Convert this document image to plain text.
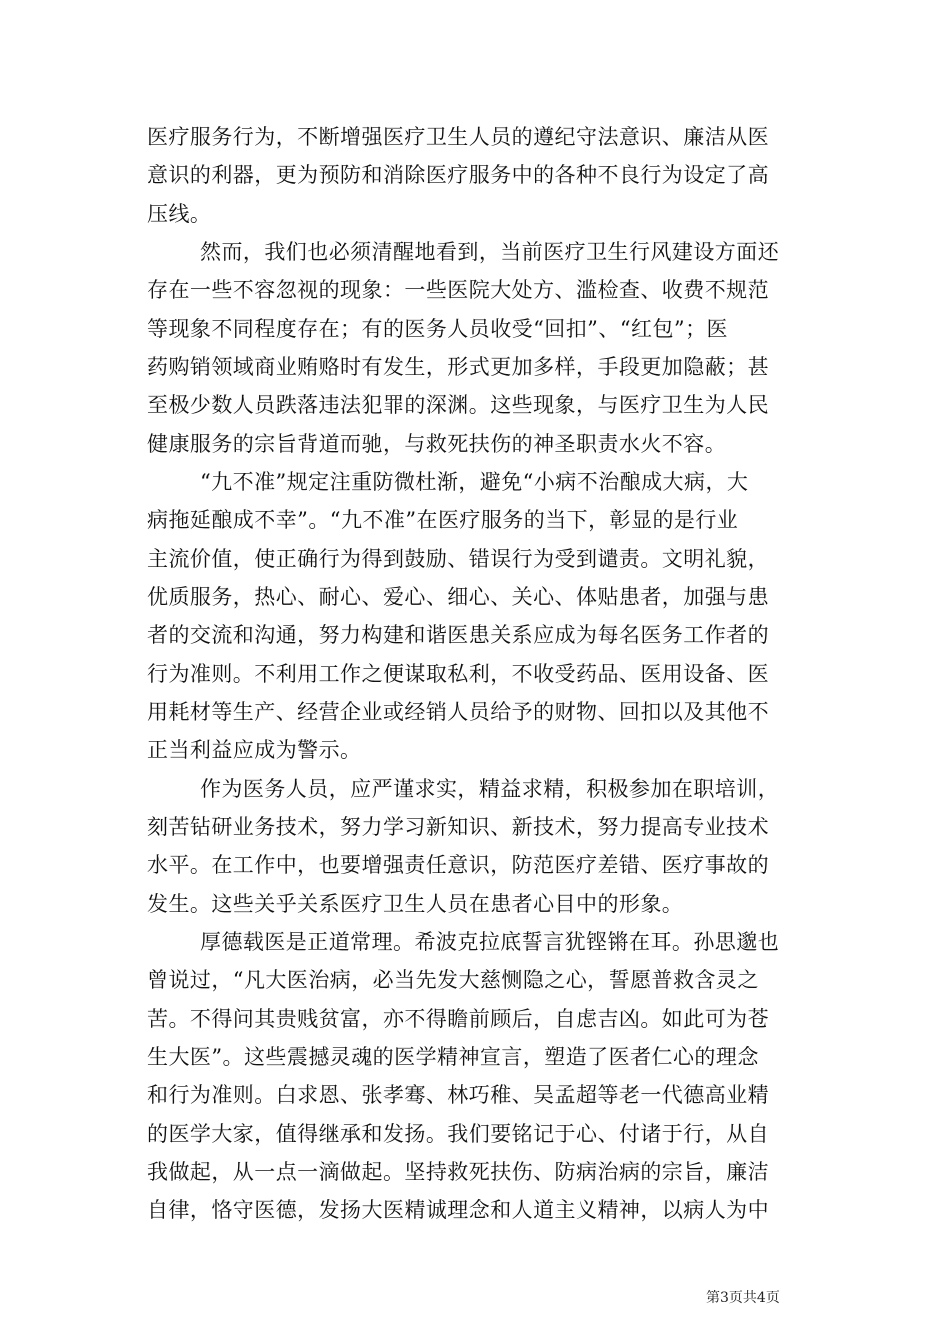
医疗服务行为，不断增强医疗卫生人员的遵纪守法意识、廉洁从医
意识的利器，更为预防和消除医疗服务中的各种不良行为设定了高
压线。
然而，我们也必须清醒地看到，当前医疗卫生行风建设方面还
存在一些不容忽视的现象：一些医院大处方、滥检查、收费不规范
等现象不同程度存在；有的医务人员收受“回扣”、“红包”；医
药购销领域商业贿赂时有发生，形式更加多样，手段更加隐蔽；甚
至极少数人员跌落违法犯罪的深渊。这些现象，与医疗卫生为人民
健康服务的宗旨背道而驰，与救死扶伤的神圣职责水火不容。
“九不准”规定注重防微杜渐，避免“小病不治酿成大病，大
病拖延酿成不幸”。“九不准”在医疗服务的当下，彰显的是行业
主流价值，使正确行为得到鼓励、错误行为受到谴责。文明礼貌，
优质服务，热心、耐心、爱心、细心、关心、体贴患者，加强与患
者的交流和沟通，努力构建和谐医患关系应成为每名医务工作者的
行为准则。不利用工作之便谋取私利，不收受药品、医用设备、医
用耗材等生产、经营企业或经销人员给予的财物、回扣以及其他不
正当利益应成为警示。
作为医务人员，应严谨求实，精益求精，积极参加在职培训，
刻苦钻研业务技术，努力学习新知识、新技术，努力提高专业技术
水平。在工作中，也要增强责任意识，防范医疗差错、医疗事故的
发生。这些关乎关系医疗卫生人员在患者心目中的形象。
厚德载医是正道常理。希波克拉底誓言犹铿锵在耳。孙思邈也
曾说过，“凡大医治病，必当先发大慈恻隐之心，誓愿普救含灵之
苦。不得问其贵贱贫富，亦不得瞻前顾后，自虑吉凶。如此可为苍
生大医”。这些震撼灵魂的医学精神宣言，塑造了医者仁心的理念
和行为准则。白求恩、张孝骞、林巧稚、吴孟超等老一代德高业精
的医学大家，值得继承和发扬。我们要铭记于心、付诸于行，从自
我做起，从一点一滴做起。坚持救死扶伤、防病治病的宗旨，廉洁
自律，恪守医德，发扬大医精诚理念和人道主义精神，以病人为中
第3页共4页
